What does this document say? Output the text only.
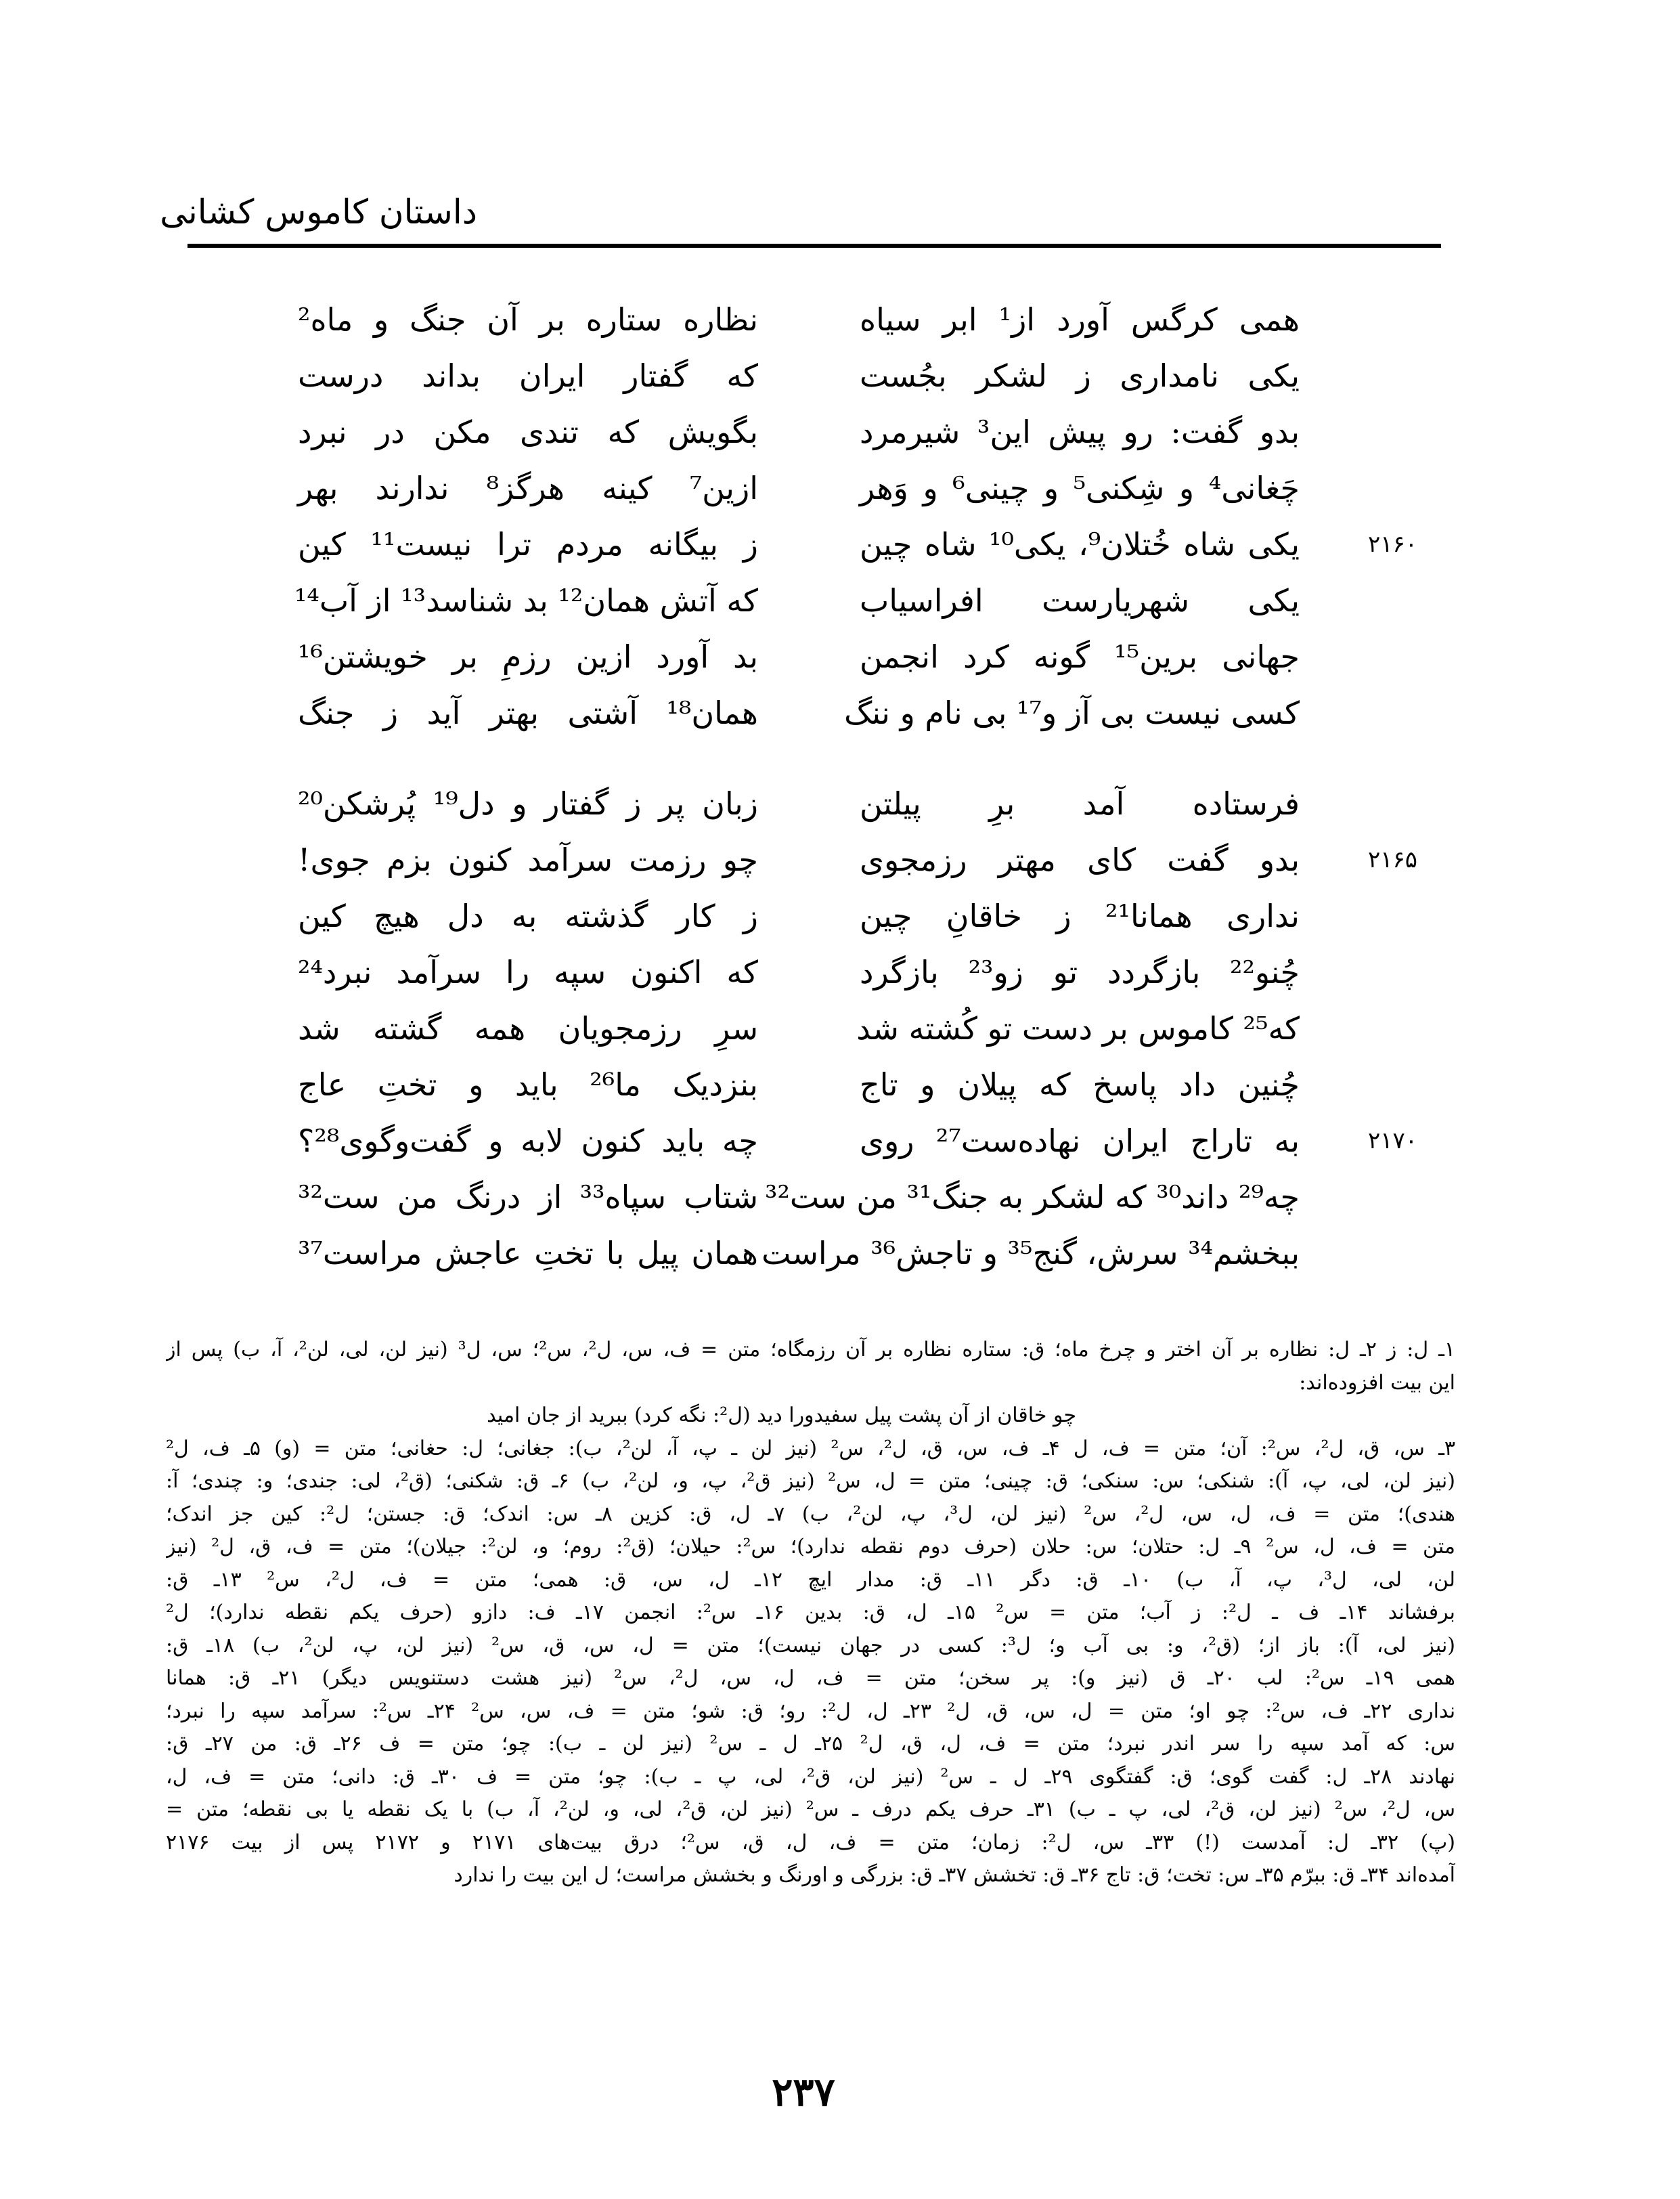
داستان کاموس کشانی
همی کرگس آورد از¹ ابر سیاه
نظاره ستاره بر آن جنگ و ماه²
یکی نامداری ز لشکر بجُست
که گفتار ایران بداند درست
بدو گفت: رو پیش این³ شیرمرد
بگویش که تندی مکن در نبرد
چَغانی⁴ و شِکنی⁵ و چینی⁶ و وَهر
ازین⁷ کینه هرگز⁸ ندارند بهر
۲۱۶۰
یکی شاه خُتلان⁹، یکی¹⁰ شاه چین
ز بیگانه مردم ترا نیست¹¹ کین
یکی شهریارست افراسیاب
که آتش همان¹² بد شناسد¹³ از آب¹⁴
جهانی برین¹⁵ گونه کرد انجمن
بد آورد ازین رزمِ بر خویشتن¹⁶
کسی نیست بی آز و¹⁷ بی نام و ننگ
همان¹⁸ آشتی بهتر آید ز جنگ
فرستاده آمد برِ پیلتن
زبان پر ز گفتار و دل¹⁹ پُرشکن²⁰
۲۱۶۵
بدو گفت کای مهتر رزمجوی
چو رزمت سرآمد کنون بزم جوی!
نداری همانا²¹ ز خاقانِ چین
ز کار گذشته به دل هیچ کین
چُنو²² بازگردد تو زو²³ بازگرد
که اکنون سپه را سرآمد نبرد²⁴
که²⁵ کاموس بر دست تو کُشته شد
سرِ رزمجویان همه گشته شد
چُنین داد پاسخ که پیلان و تاج
بنزدیک ما²⁶ باید و تختِ عاج
۲۱۷۰
به تاراج ایران نهاده‌ست²⁷ روی
چه باید کنون لابه و گفت‌وگوی²⁸؟
چه²⁹ داند³⁰ که لشکر به جنگ³¹ من ست³²
شتاب سپاه³³ از درنگ من ست³²
ببخشم³⁴ سرش، گنج³⁵ و تاجش³⁶ مراست
همان پیل با تختِ عاجش مراست³⁷
۱ـ ل: ز ۲ـ ل: نظاره بر آن اختر و چرخ ماه؛ ق: ستاره نظاره بر آن رزمگاه؛ متن = ف، س، ل²، س²؛ س، ل³ (نیز لن، لی، لن²، آ، ب) پس از
این بیت افزوده‌اند:
چو خاقان از آن پشت پیل سفید
ورا دید (ل²: نگه کرد) ببرید از جان امید
۳ـ س، ق، ل²، س²: آن؛ متن = ف، ل ۴ـ ف، س، ق، ل²، س² (نیز لن ـ پ، آ، لن²، ب): جغانی؛ ل: حغانی؛ متن = (و) ۵ـ ف، ل²
(نیز لن، لی، پ، آ): شنکی؛ س: سنکی؛ ق: چینی؛ متن = ل، س² (نیز ق²، پ، و، لن²، ب) ۶ـ ق: شکنی؛ (ق²، لی: جندی؛ و: چندی؛ آ:
هندی)؛ متن = ف، ل، س، ل²، س² (نیز لن، ل³، پ، لن²، ب) ۷ـ ل، ق: کزین ۸ـ س: اندک؛ ق: جستن؛ ل²: کین جز اندک؛
متن = ف، ل، س² ۹ـ ل: حتلان؛ س: حلان (حرف دوم نقطه ندارد)؛ س²: حیلان؛ (ق²: روم؛ و، لن²: جیلان)؛ متن = ف، ق، ل² (نیز
لن، لی، ل³، پ، آ، ب) ۱۰ـ ق: دگر ۱۱ـ ق: مدار ایچ ۱۲ـ ل، س، ق: همی؛ متن = ف، ل²، س² ۱۳ـ ق:
برفشاند ۱۴ـ ف ـ ل²: ز آب؛ متن = س² ۱۵ـ ل، ق: بدین ۱۶ـ س²: انجمن ۱۷ـ ف: دازو (حرف یکم نقطه ندارد)؛ ل²
(نیز لی، آ): باز از؛ (ق²، و: بی آب و؛ ل³: کسی در جهان نیست)؛ متن = ل، س، ق، س² (نیز لن، پ، لن²، ب) ۱۸ـ ق:
همی ۱۹ـ س²: لب ۲۰ـ ق (نیز و): پر سخن؛ متن = ف، ل، س، ل²، س² (نیز هشت دستنویس دیگر) ۲۱ـ ق: همانا
نداری ۲۲ـ ف، س²: چو او؛ متن = ل، س، ق، ل² ۲۳ـ ل، ل²: رو؛ ق: شو؛ متن = ف، س، س² ۲۴ـ س²: سرآمد سپه را نبرد؛
س: که آمد سپه را سر اندر نبرد؛ متن = ف، ل، ق، ل² ۲۵ـ ل ـ س² (نیز لن ـ ب): چو؛ متن = ف ۲۶ـ ق: من ۲۷ـ ق:
نهادند ۲۸ـ ل: گفت گوی؛ ق: گفتگوی ۲۹ـ ل ـ س² (نیز لن، ق²، لی، پ ـ ب): چو؛ متن = ف ۳۰ـ ق: دانی؛ متن = ف، ل،
س، ل²، س² (نیز لن، ق²، لی، پ ـ ب) ۳۱ـ حرف یکم درف ـ س² (نیز لن، ق²، لی، و، لن²، آ، ب) با یک نقطه یا بی نقطه؛ متن =
(پ) ۳۲ـ ل: آمدست (!) ۳۳ـ س، ل²: زمان؛ متن = ف، ل، ق، س²؛ درق بیت‌های ۲۱۷۱ و ۲۱۷۲ پس از بیت ۲۱۷۶
آمده‌اند ۳۴ـ ق: ببرّم ۳۵ـ س: تخت؛ ق: تاج ۳۶ـ ق: تخشش ۳۷ـ ق: بزرگی و اورنگ و بخشش مراست؛ ل این بیت را ندارد
۲۳۷
